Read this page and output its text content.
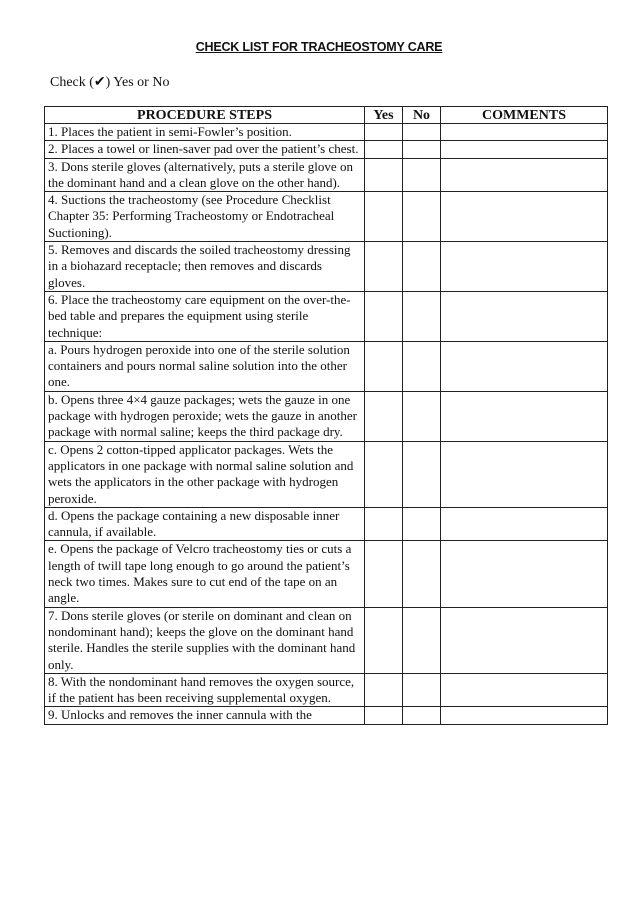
CHECK LIST FOR TRACHEOSTOMY CARE
Check (✔) Yes or No
PROCEDURE STEPS	Yes	No	COMMENTS
1. Places the patient in semi-Fowler’s position.			
2. Places a towel or linen-saver pad over the patient’s chest.			
3. Dons sterile gloves (alternatively, puts a sterile glove on the dominant hand and a clean glove on the other hand).			
4. Suctions the tracheostomy (see Procedure Checklist Chapter 35: Performing Tracheostomy or Endotracheal Suctioning).			
5. Removes and discards the soiled tracheostomy dressing in a biohazard receptacle; then removes and discards gloves.			
6. Place the tracheostomy care equipment on the over-the-bed table and prepares the equipment using sterile technique:			
a. Pours hydrogen peroxide into one of the sterile solution containers and pours normal saline solution into the other one.			
b. Opens three 4×4 gauze packages; wets the gauze in one package with hydrogen peroxide; wets the gauze in another package with normal saline; keeps the third package dry.			
c. Opens 2 cotton-tipped applicator packages. Wets the applicators in one package with normal saline solution and wets the applicators in the other package with hydrogen peroxide.			
d. Opens the package containing a new disposable inner cannula, if available.			
e. Opens the package of Velcro tracheostomy ties or cuts a length of twill tape long enough to go around the patient’s neck two times. Makes sure to cut end of the tape on an angle.			
7. Dons sterile gloves (or sterile on dominant and clean on nondominant hand); keeps the glove on the dominant hand sterile. Handles the sterile supplies with the dominant hand only.			
8. With the nondominant hand removes the oxygen source, if the patient has been receiving supplemental oxygen.			
9. Unlocks and removes the inner cannula with the			
